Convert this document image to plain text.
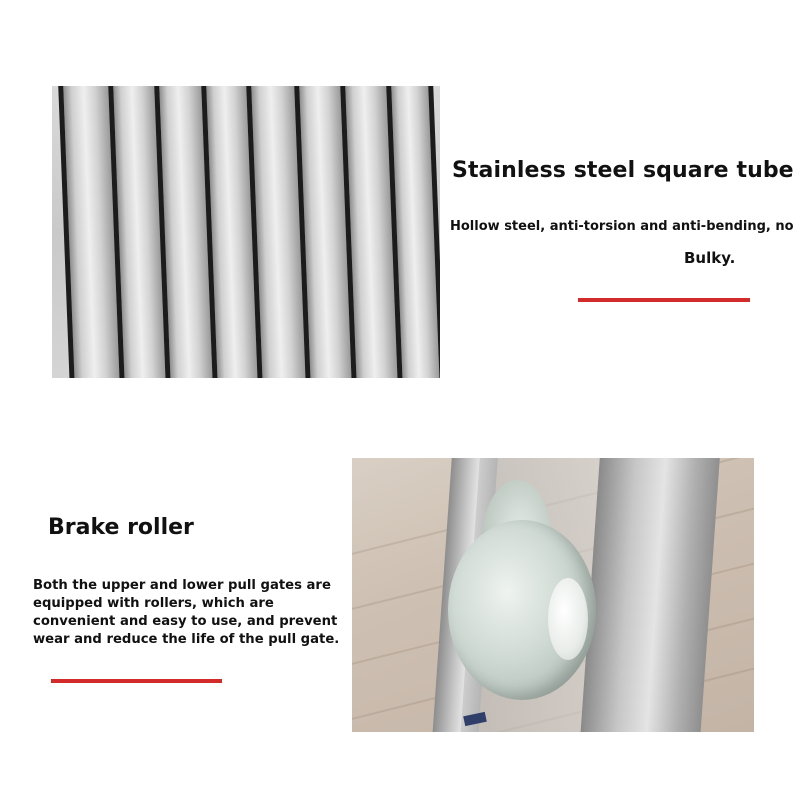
Stainless steel square tube
Hollow steel, anti-torsion and anti-bending, no
Bulky.
Brake roller
Both the upper and lower pull gates are
equipped with rollers, which are
convenient and easy to use, and prevent
wear and reduce the life of the pull gate.
